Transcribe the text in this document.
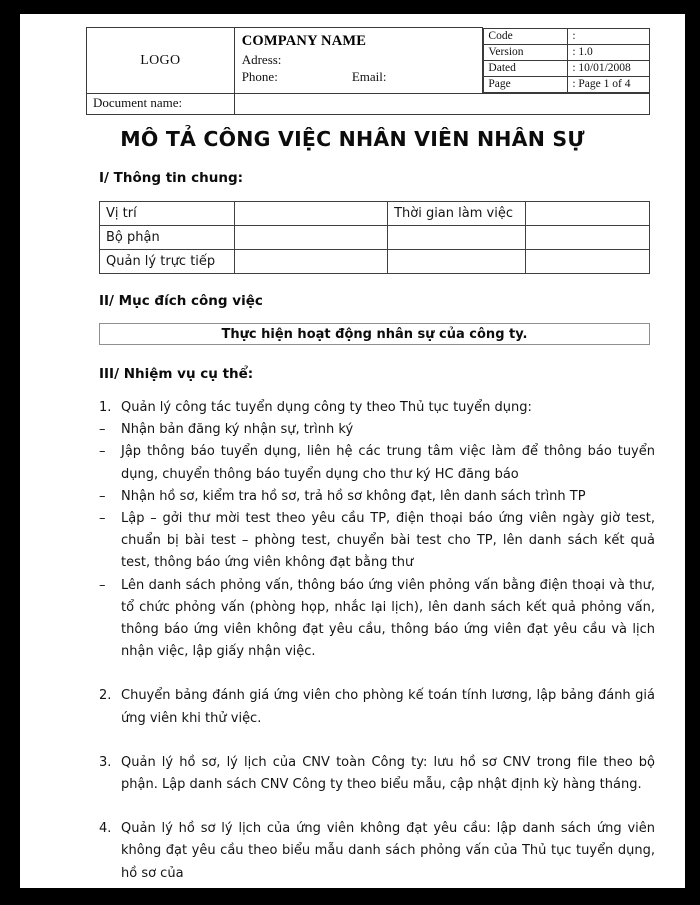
LOGO	
COMPANY NAME
Adress:
Phone:	Email:

Code	:
Version	: 1.0
Dated	: 10/01/2008
Page	: Page 1 of 4

Document name:	
MÔ TẢ CÔNG VIỆC NHÂN VIÊN NHÂN SỰ
I/ Thông tin chung:
Vị trí		Thời gian làm việc	
Bộ phận			
Quản lý trực tiếp			
II/ Mục đích công việc
Thực hiện hoạt động nhân sự của công ty.
III/ Nhiệm vụ cụ thể:
1. Quản lý công tác tuyển dụng công ty theo Thủ tục tuyển dụng:
–	Nhận bản đăng ký nhận sự, trình ký
–	Jập thông báo tuyển dụng, liên hệ các trung tâm việc làm để thông báo tuyển dụng, chuyển thông báo tuyển dụng cho thư ký HC đăng báo
–	Nhận hồ sơ, kiểm tra hồ sơ, trả hồ sơ không đạt, lên danh sách trình TP
–	Lập – gởi thư mời test theo yêu cầu TP, điện thoại báo ứng viên ngày giờ test, chuẩn bị bài test – phòng test, chuyển bài test cho TP, lên danh sách kết quả test, thông báo ứng viên không đạt bằng thư
–	Lên danh sách phỏng vấn, thông báo ứng viên phỏng vấn bằng điện thoại và thư, tổ chức phỏng vấn (phòng họp, nhắc lại lịch), lên danh sách kết quả phỏng vấn, thông báo ứng viên không đạt yêu cầu, thông báo ứng viên đạt yêu cầu và lịch nhận việc, lập giấy nhận việc.
2. Chuyển bảng đánh giá ứng viên cho phòng kế toán tính lương, lập bảng đánh giá ứng viên khi thử việc.
3. Quản lý hồ sơ, lý lịch của CNV toàn Công ty: lưu hồ sơ CNV trong file theo bộ phận. Lập danh sách CNV Công ty theo biểu mẫu, cập nhật định kỳ hàng tháng.
4. Quản lý hồ sơ lý lịch của ứng viên không đạt yêu cầu: lập danh sách ứng viên không đạt yêu cầu theo biểu mẫu danh sách phỏng vấn của Thủ tục tuyển dụng, hồ sơ của
